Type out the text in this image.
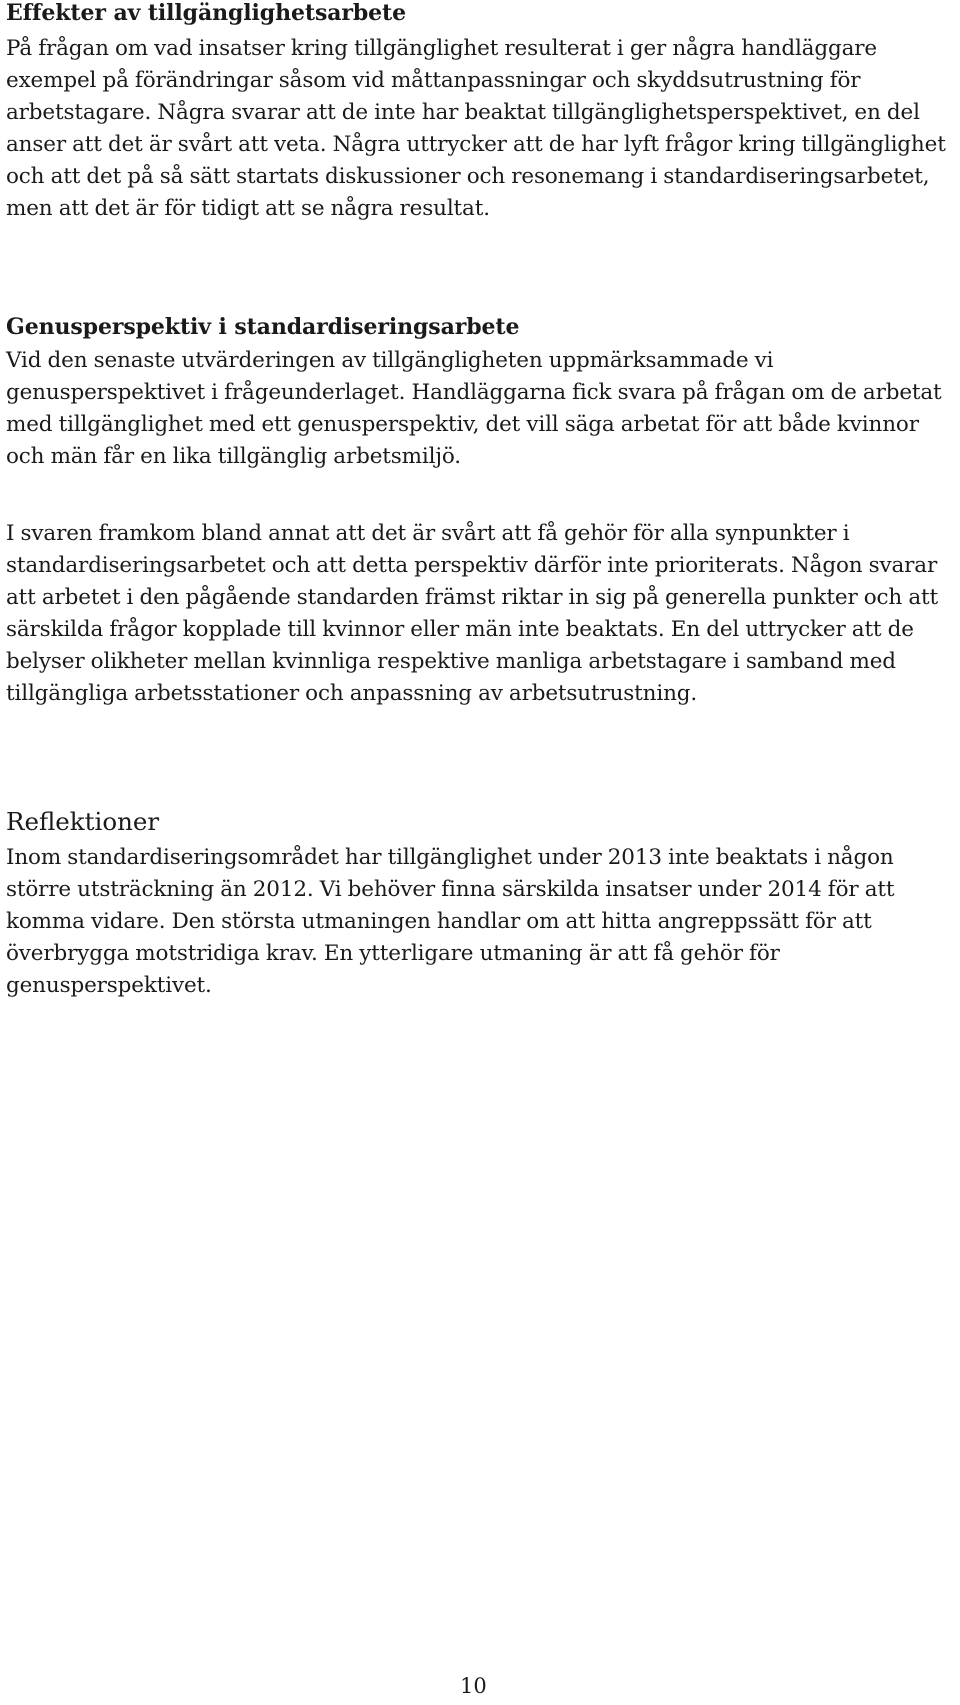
Effekter av tillgänglighetsarbete

På frågan om vad insatser kring tillgänglighet resulterat i ger några handläggare exempel på förändringar såsom vid måttanpassningar och skyddsutrustning för arbetstagare. Några svarar att de inte har beaktat tillgänglighetsperspektivet, en del anser att det är svårt att veta. Några uttrycker att de har lyft frågor kring tillgänglighet och att det på så sätt startats diskussioner och resonemang i standardiseringsarbetet, men att det är för tidigt att se några resultat.

Genusperspektiv i standardiseringsarbete

Vid den senaste utvärderingen av tillgängligheten uppmärksammade vi genusperspektivet i frågeunderlaget. Handläggarna fick svara på frågan om de arbetat med tillgänglighet med ett genusperspektiv, det vill säga arbetat för att både kvinnor och män får en lika tillgänglig arbetsmiljö.

I svaren framkom bland annat att det är svårt att få gehör för alla synpunkter i standardiseringsarbetet och att detta perspektiv därför inte prioriterats. Någon svarar att arbetet i den pågående standarden främst riktar in sig på generella punkter och att särskilda frågor kopplade till kvinnor eller män inte beaktats. En del uttrycker att de belyser olikheter mellan kvinnliga respektive manliga arbetstagare i samband med tillgängliga arbetsstationer och anpassning av arbetsutrustning.

Reflektioner

Inom standardiseringsområdet har tillgänglighet under 2013 inte beaktats i någon större utsträckning än 2012. Vi behöver finna särskilda insatser under 2014 för att komma vidare. Den största utmaningen handlar om att hitta angreppssätt för att överbrygga motstridiga krav. En ytterligare utmaning är att få gehör för genusperspektivet.

10
